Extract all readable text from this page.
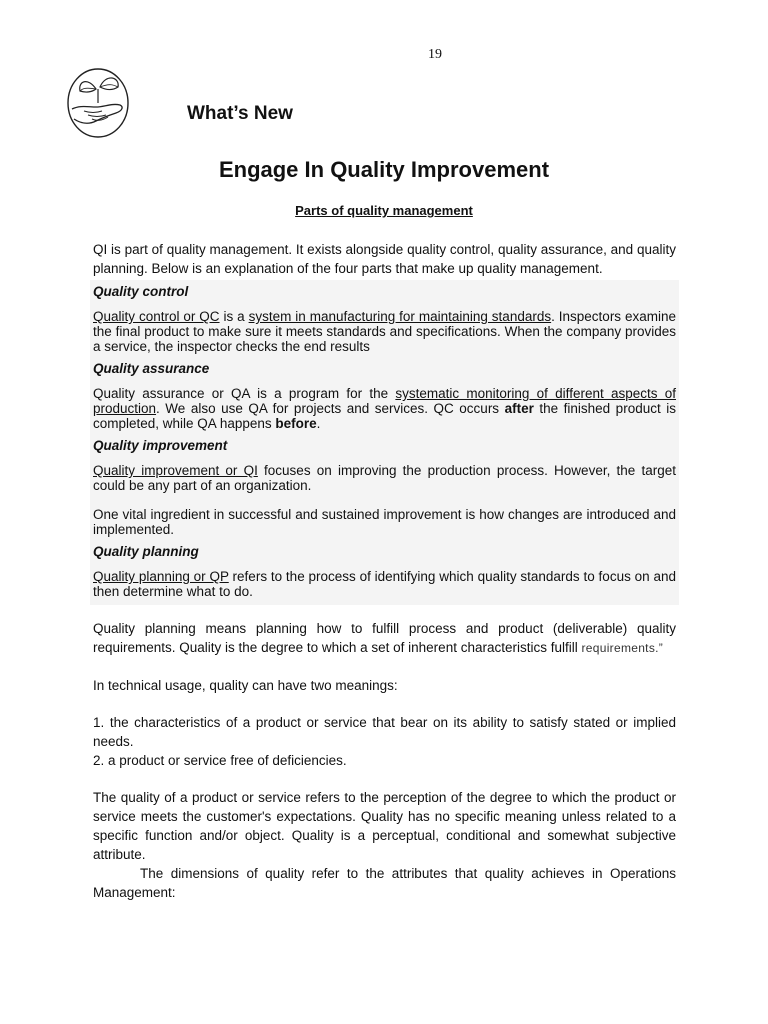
19
What’s New
Engage In Quality Improvement
Parts of quality management

QI is part of quality management. It exists alongside quality control, quality assurance, and quality planning. Below is an explanation of the four parts that make up quality management.

Quality control

Quality control or QC is a system in manufacturing for maintaining standards. Inspectors examine the final product to make sure it meets standards and specifications. When the company provides a service, the inspector checks the end results

Quality assurance

Quality assurance or QA is a program for the systematic monitoring of different aspects of production. We also use QA for projects and services. QC occurs after the finished product is completed, while QA happens before.

Quality improvement

Quality improvement or QI focuses on improving the production process. However, the target could be any part of an organization.

One vital ingredient in successful and sustained improvement is how changes are introduced and implemented.

Quality planning

Quality planning or QP refers to the process of identifying which quality standards to focus on and then determine what to do.

Quality planning means planning how to fulfill process and product (deliverable) quality requirements. Quality is the degree to which a set of inherent characteristics fulfill requirements.”

In technical usage, quality can have two meanings:

1. the characteristics of a product or service that bear on its ability to satisfy stated or implied needs.

2. a product or service free of deficiencies.

The quality of a product or service refers to the perception of the degree to which the product or service meets the customer's expectations. Quality has no specific meaning unless related to a specific function and/or object. Quality is a perceptual, conditional and somewhat subjective attribute.

The dimensions of quality refer to the attributes that quality achieves in Operations Management:
